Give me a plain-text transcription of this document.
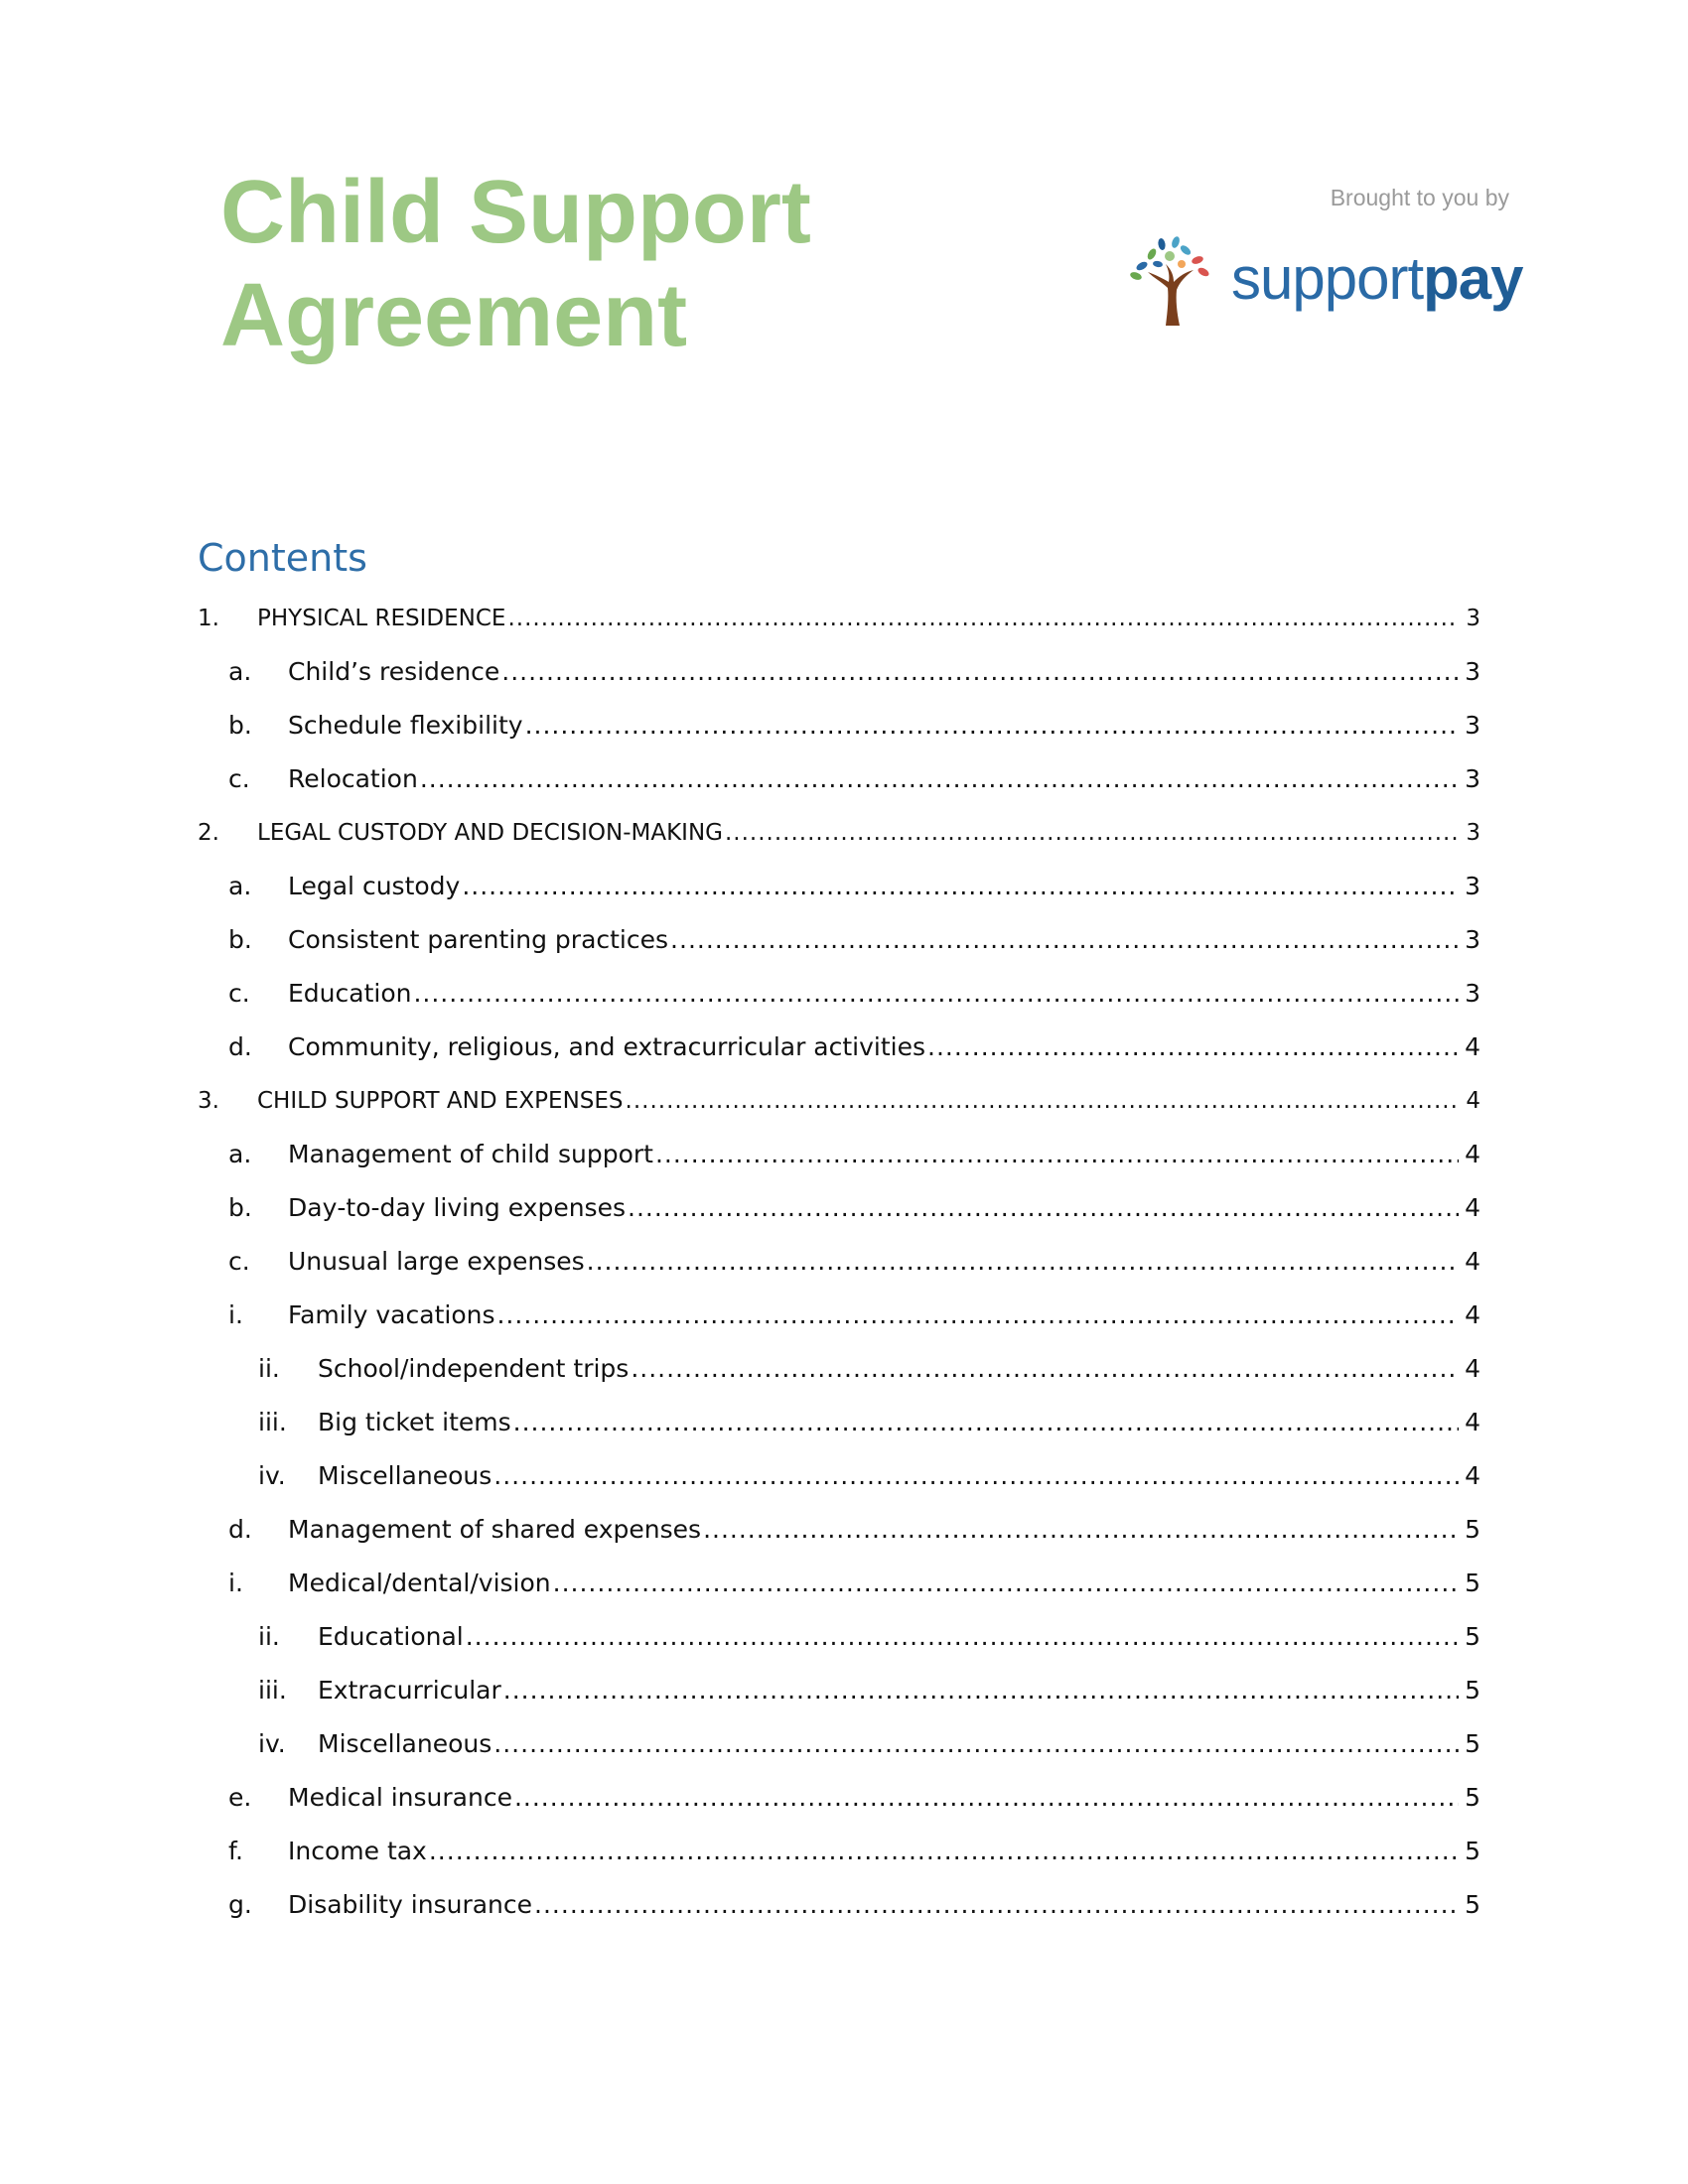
Child Support
Agreement
Brought to you by
supportpay
Contents
1.	PHYSICAL RESIDENCE .....	3
a.	Child’s residence .....	3
b.	Schedule flexibility .....	3
c.	Relocation .....	3
2.	LEGAL CUSTODY AND DECISION‑MAKING .....	3
a.	Legal custody .....	3
b.	Consistent parenting practices .....	3
c.	Education .....	3
d.	Community, religious, and extracurricular activities .....	4
3.	CHILD SUPPORT AND EXPENSES .....	4
a.	Management of child support .....	4
b.	Day‑to‑day living expenses .....	4
c.	Unusual large expenses .....	4
i.	Family vacations .....	4
ii.	School/independent trips .....	4
iii.	Big ticket items .....	4
iv.	Miscellaneous .....	4
d.	Management of shared expenses .....	5
i.	Medical/dental/vision .....	5
ii.	Educational .....	5
iii.	Extracurricular .....	5
iv.	Miscellaneous .....	5
e.	Medical insurance .....	5
f.	Income tax .....	5
g.	Disability insurance .....	5
